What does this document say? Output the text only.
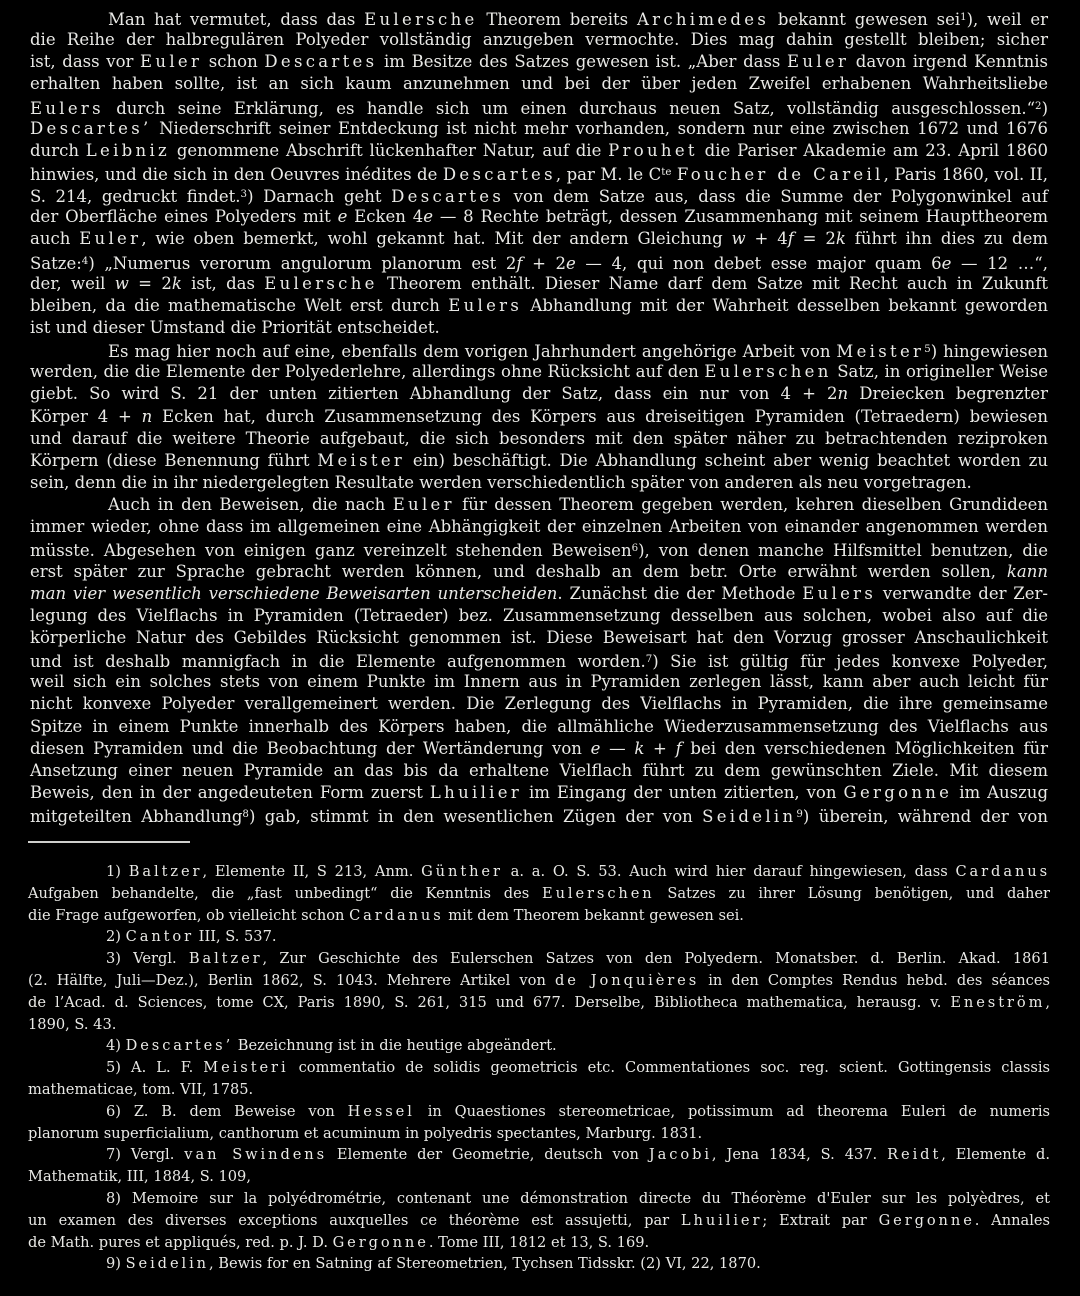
Man hat vermutet, dass das Eulersche Theorem bereits Archimedes bekannt gewesen sei$^1$), weil er
die Reihe der halbregulären Polyeder vollständig anzugeben vermochte. Dies mag dahin gestellt bleiben; sicher
ist, dass vor Euler schon Descartes im Besitze des Satzes gewesen ist. „Aber dass Euler davon irgend Kenntnis
erhalten haben sollte, ist an sich kaum anzunehmen und bei der über jeden Zweifel erhabenen Wahrheitsliebe
Eulers durch seine Erklärung, es handle sich um einen durchaus neuen Satz, vollständig ausgeschlossen.“$^2$)
Descartes’ Niederschrift seiner Entdeckung ist nicht mehr vorhanden, sondern nur eine zwischen 1672 und 1676
durch Leibniz genommene Abschrift lückenhafter Natur, auf die Prouhet die Pariser Akademie am 23. April 1860
hinwies, und die sich in den Oeuvres inédites de Descartes, par M. le $C^{te}$ Foucher de Careil, Paris 1860, vol. II,
S. 214, gedruckt findet.$^3$) Darnach geht Descartes von dem Satze aus, dass die Summe der Polygonwinkel auf
der Oberfläche eines Polyeders mit e Ecken 4e — 8 Rechte beträgt, dessen Zusammenhang mit seinem Haupttheorem
auch Euler, wie oben bemerkt, wohl gekannt hat. Mit der andern Gleichung w + 4f = 2k führt ihn dies zu dem
Satze:$^4$) „Numerus verorum angulorum planorum est 2f + 2e — 4, qui non debet esse major quam 6e — 12 …“,
der, weil w = 2k ist, das Eulersche Theorem enthält. Dieser Name darf dem Satze mit Recht auch in Zukunft
bleiben, da die mathematische Welt erst durch Eulers Abhandlung mit der Wahrheit desselben bekannt geworden
ist und dieser Umstand die Priorität entscheidet.
Es mag hier noch auf eine, ebenfalls dem vorigen Jahrhundert angehörige Arbeit von Meister$^5$) hingewiesen
werden, die die Elemente der Polyederlehre, allerdings ohne Rücksicht auf den Eulerschen Satz, in origineller Weise
giebt. So wird S. 21 der unten zitierten Abhandlung der Satz, dass ein nur von 4 + 2n Dreiecken begrenzter
Körper 4 + n Ecken hat, durch Zusammensetzung des Körpers aus dreiseitigen Pyramiden (Tetraedern) bewiesen
und darauf die weitere Theorie aufgebaut, die sich besonders mit den später näher zu betrachtenden reziproken
Körpern (diese Benennung führt Meister ein) beschäftigt. Die Abhandlung scheint aber wenig beachtet worden zu
sein, denn die in ihr niedergelegten Resultate werden verschiedentlich später von anderen als neu vorgetragen.
Auch in den Beweisen, die nach Euler für dessen Theorem gegeben werden, kehren dieselben Grundideen
immer wieder, ohne dass im allgemeinen eine Abhängigkeit der einzelnen Arbeiten von einander angenommen werden
müsste. Abgesehen von einigen ganz vereinzelt stehenden Beweisen$^6$), von denen manche Hilfsmittel benutzen, die
erst später zur Sprache gebracht werden können, und deshalb an dem betr. Orte erwähnt werden sollen, kann
man vier wesentlich verschiedene Beweisarten unterscheiden. Zunächst die der Methode Eulers verwandte der Zer-
legung des Vielflachs in Pyramiden (Tetraeder) bez. Zusammensetzung desselben aus solchen, wobei also auf die
körperliche Natur des Gebildes Rücksicht genommen ist. Diese Beweisart hat den Vorzug grosser Anschaulichkeit
und ist deshalb mannigfach in die Elemente aufgenommen worden.$^7$) Sie ist gültig für jedes konvexe Polyeder,
weil sich ein solches stets von einem Punkte im Innern aus in Pyramiden zerlegen lässt, kann aber auch leicht für
nicht konvexe Polyeder verallgemeinert werden. Die Zerlegung des Vielflachs in Pyramiden, die ihre gemeinsame
Spitze in einem Punkte innerhalb des Körpers haben, die allmähliche Wiederzusammensetzung des Vielflachs aus
diesen Pyramiden und die Beobachtung der Wertänderung von e — k + f bei den verschiedenen Möglichkeiten für
Ansetzung einer neuen Pyramide an das bis da erhaltene Vielflach führt zu dem gewünschten Ziele. Mit diesem
Beweis, den in der angedeuteten Form zuerst Lhuilier im Eingang der unten zitierten, von Gergonne im Auszug
mitgeteilten Abhandlung$^8$) gab, stimmt in den wesentlichen Zügen der von Seidelin$^9$) überein, während der von
1) Baltzer, Elemente II, S 213, Anm. Günther a. a. O. S. 53. Auch wird hier darauf hingewiesen, dass Cardanus
Aufgaben behandelte, die „fast unbedingt“ die Kenntnis des Eulerschen Satzes zu ihrer Lösung benötigen, und daher
die Frage aufgeworfen, ob vielleicht schon Cardanus mit dem Theorem bekannt gewesen sei.
2) Cantor III, S. 537.
3) Vergl. Baltzer, Zur Geschichte des Eulerschen Satzes von den Polyedern. Monatsber. d. Berlin. Akad. 1861
(2. Hälfte, Juli—Dez.), Berlin 1862, S. 1043. Mehrere Artikel von de Jonquières in den Comptes Rendus hebd. des séances
de l’Acad. d. Sciences, tome CX, Paris 1890, S. 261, 315 und 677. Derselbe, Bibliotheca mathematica, herausg. v. Eneström,
1890, S. 43.
4) Descartes’ Bezeichnung ist in die heutige abgeändert.
5) A. L. F. Meisteri commentatio de solidis geometricis etc. Commentationes soc. reg. scient. Gottingensis classis
mathematicae, tom. VII, 1785.
6) Z. B. dem Beweise von Hessel in Quaestiones stereometricae, potissimum ad theorema Euleri de numeris
planorum superficialium, canthorum et acuminum in polyedris spectantes, Marburg. 1831.
7) Vergl. van Swindens Elemente der Geometrie, deutsch von Jacobi, Jena 1834, S. 437. Reidt, Elemente d.
Mathematik, III, 1884, S. 109,
8) Memoire sur la polyédrométrie, contenant une démonstration directe du Théorème d'Euler sur les polyèdres, et
un examen des diverses exceptions auxquelles ce théorème est assujetti, par Lhuilier; Extrait par Gergonne. Annales
de Math. pures et appliqués, red. p. J. D. Gergonne. Tome III, 1812 et 13, S. 169.
9) Seidelin, Bewis for en Satning af Stereometrien, Tychsen Tidsskr. (2) VI, 22, 1870.
